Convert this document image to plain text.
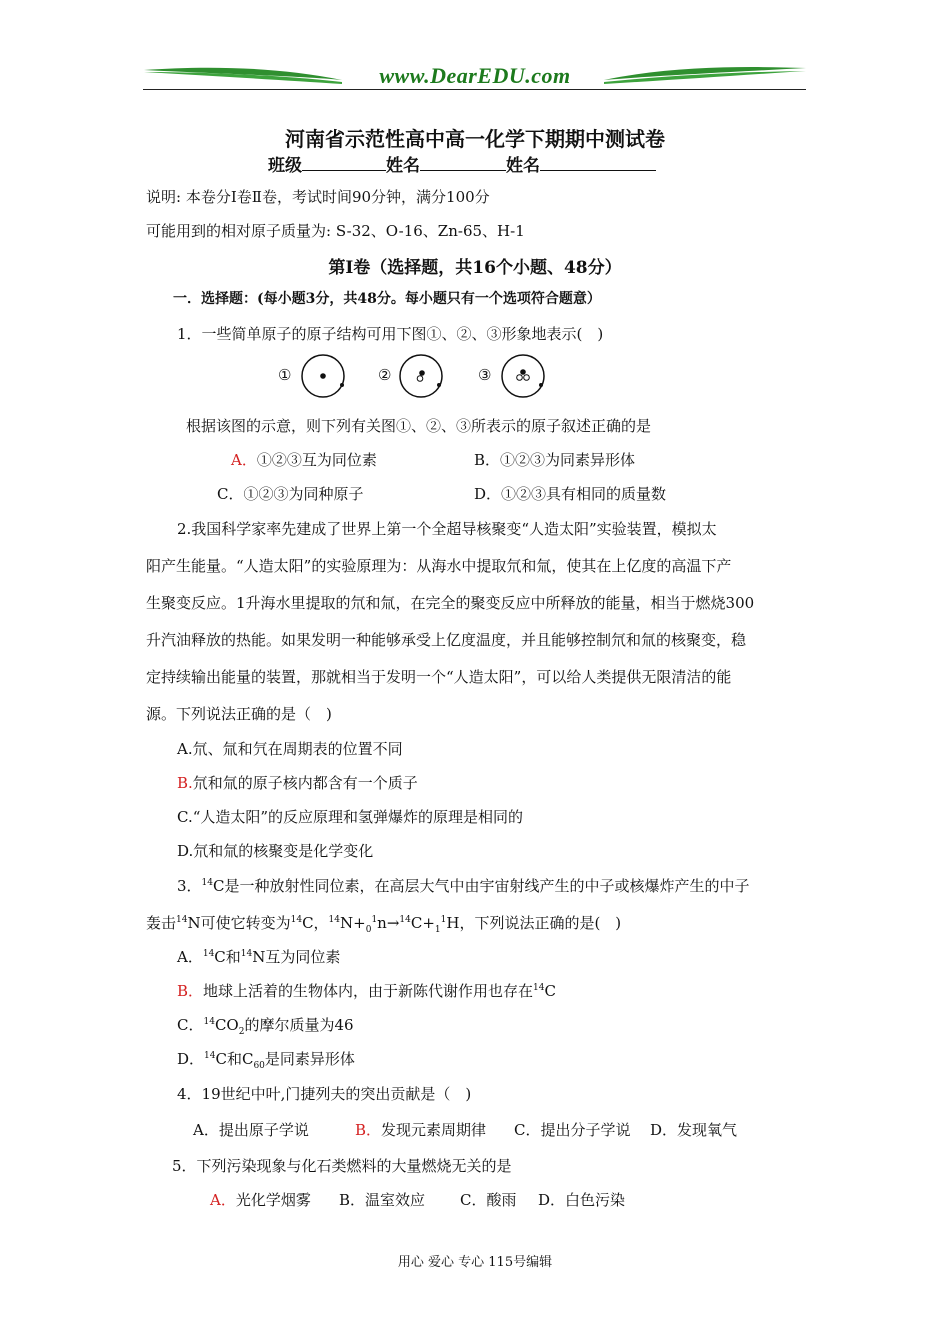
www.DearEDU.com
河南省示范性高中高一化学下期期中测试卷
班级	姓名	姓名
说明: 本卷分Ⅰ卷Ⅱ卷，考试时间90分钟，满分100分
可能用到的相对原子质量为: S-32、O-16、Zn-65、H-1
第Ⅰ卷（选择题，共16个小题、48分）
一．选择题：(每小题3分，共48分。每小题只有一个选项符合题意）
1．一些简单原子的原子结构可用下图①、②、③形象地表示(　)
①	②	③
根据该图的示意，则下列有关图①、②、③所表示的原子叙述正确的是
A．①②③互为同位素	B．①②③为同素异形体
C．①②③为同种原子	D．①②③具有相同的质量数
2.我国科学家率先建成了世界上第一个全超导核聚变“人造太阳”实验装置，模拟太
阳产生能量。“人造太阳”的实验原理为：从海水中提取氘和氚，使其在上亿度的高温下产
生聚变反应。1升海水里提取的氘和氚，在完全的聚变反应中所释放的能量，相当于燃烧300
升汽油释放的热能。如果发明一种能够承受上亿度温度，并且能够控制氘和氚的核聚变，稳
定持续输出能量的装置，那就相当于发明一个“人造太阳”，可以给人类提供无限清洁的能
源。下列说法正确的是（　)
A.氘、氚和氕在周期表的位置不同
B.氘和氚的原子核内都含有一个质子
C.“人造太阳”的反应原理和氢弹爆炸的原理是相同的
D.氘和氚的核聚变是化学变化
3．$^{14}$C是一种放射性同位素，在高层大气中由宇宙射线产生的中子或核爆炸产生的中子
轰击$^{14}$N可使它转变为$^{14}$C，$^{14}N+_0^1n\to^{14}C+_1^1H$，下列说法正确的是(　)
A．$^{14}$C和$^{14}$N互为同位素
B．地球上活着的生物体内，由于新陈代谢作用也存在$^{14}$C
C．$^{14}CO_2$的摩尔质量为46
D．$^{14}$C和$C_{60}$是同素异形体
4．19世纪中叶,门捷列夫的突出贡献是（　)
A．提出原子学说	B．发现元素周期律 C．提出分子学说 D．发现氧气
5．下列污染现象与化石类燃料的大量燃烧无关的是
A．光化学烟雾 B．温室效应 C．酸雨 D．白色污染
用心 爱心 专心 115号编辑
